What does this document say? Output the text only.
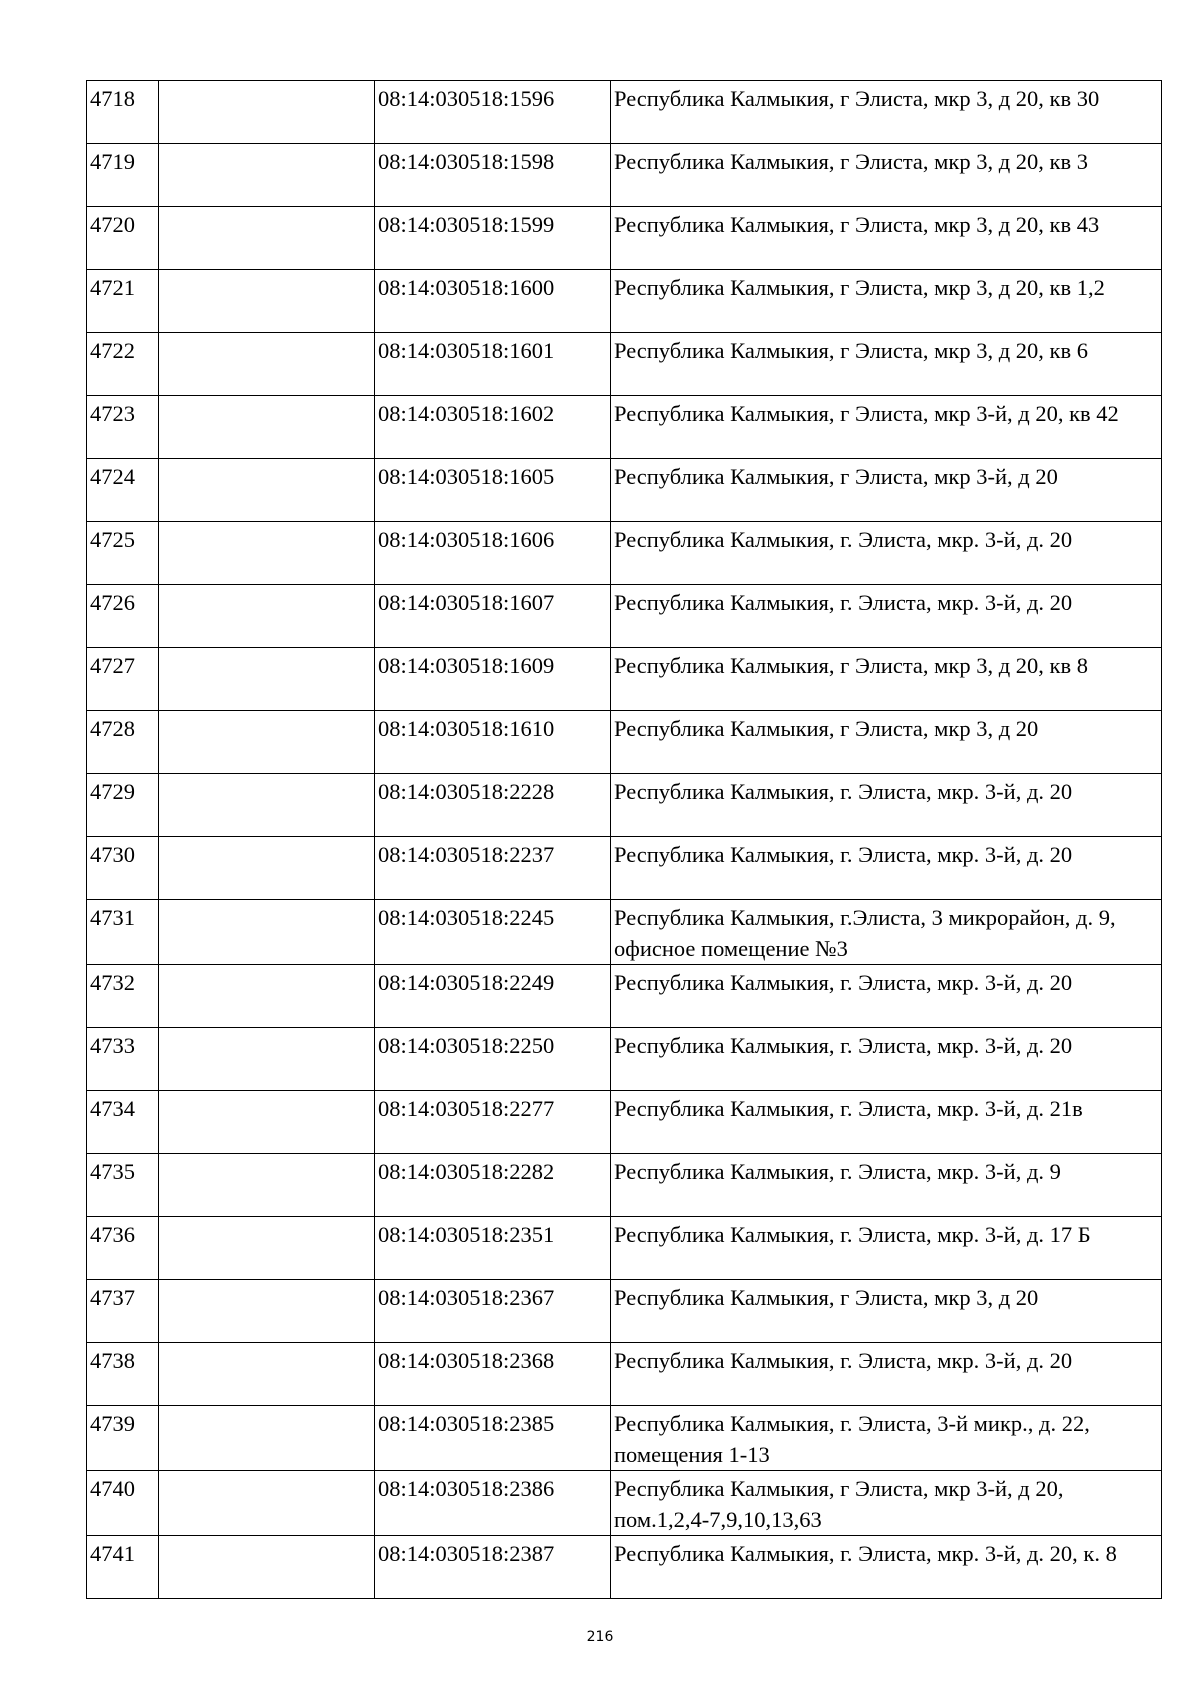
4718		08:14:030518:1596	Республика Калмыкия, г Элиста, мкр 3, д 20, кв 30
4719		08:14:030518:1598	Республика Калмыкия, г Элиста, мкр 3, д 20, кв 3
4720		08:14:030518:1599	Республика Калмыкия, г Элиста, мкр 3, д 20, кв 43
4721		08:14:030518:1600	Республика Калмыкия, г Элиста, мкр 3, д 20, кв 1,2
4722		08:14:030518:1601	Республика Калмыкия, г Элиста, мкр 3, д 20, кв 6
4723		08:14:030518:1602	Республика Калмыкия, г Элиста, мкр 3-й, д 20, кв 42
4724		08:14:030518:1605	Республика Калмыкия, г Элиста, мкр 3-й, д 20
4725		08:14:030518:1606	Республика Калмыкия, г. Элиста, мкр. 3-й, д. 20
4726		08:14:030518:1607	Республика Калмыкия, г. Элиста, мкр. 3-й, д. 20
4727		08:14:030518:1609	Республика Калмыкия, г Элиста, мкр 3, д 20, кв 8
4728		08:14:030518:1610	Республика Калмыкия, г Элиста, мкр 3, д 20
4729		08:14:030518:2228	Республика Калмыкия, г. Элиста, мкр. 3-й, д. 20
4730		08:14:030518:2237	Республика Калмыкия, г. Элиста, мкр. 3-й, д. 20
4731		08:14:030518:2245	Республика Калмыкия, г.Элиста, 3 микрорайон, д. 9, офисное помещение №3
4732		08:14:030518:2249	Республика Калмыкия, г. Элиста, мкр. 3-й, д. 20
4733		08:14:030518:2250	Республика Калмыкия, г. Элиста, мкр. 3-й, д. 20
4734		08:14:030518:2277	Республика Калмыкия, г. Элиста, мкр. 3-й, д. 21в
4735		08:14:030518:2282	Республика Калмыкия, г. Элиста, мкр. 3-й, д. 9
4736		08:14:030518:2351	Республика Калмыкия, г. Элиста, мкр. 3-й, д. 17 Б
4737		08:14:030518:2367	Республика Калмыкия, г Элиста, мкр 3, д 20
4738		08:14:030518:2368	Республика Калмыкия, г. Элиста, мкр. 3-й, д. 20
4739		08:14:030518:2385	Республика Калмыкия, г. Элиста, 3-й микр., д. 22, помещения 1-13
4740		08:14:030518:2386	Республика Калмыкия, г Элиста, мкр 3-й, д 20, пом.1,2,4-7,9,10,13,63
4741		08:14:030518:2387	Республика Калмыкия, г. Элиста, мкр. 3-й, д. 20, к. 8
216
